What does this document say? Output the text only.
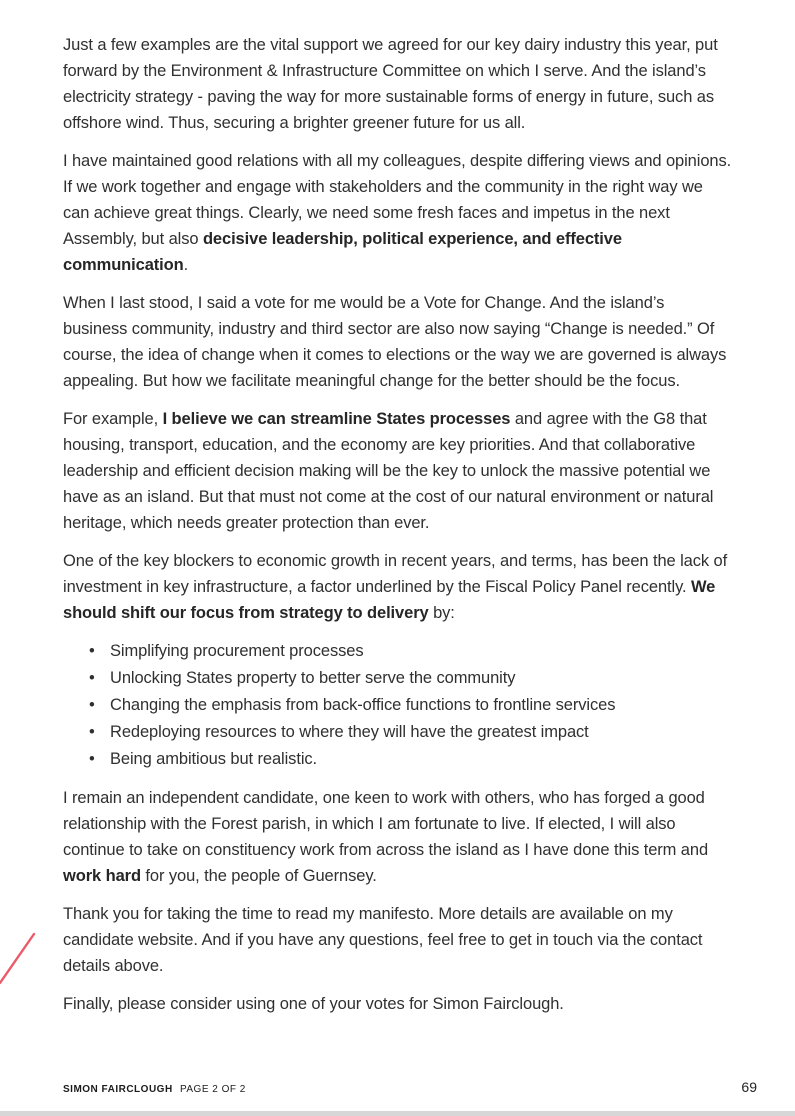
Just a few examples are the vital support we agreed for our key dairy industry this year, put forward by the Environment & Infrastructure Committee on which I serve. And the island’s electricity strategy - paving the way for more sustainable forms of energy in future, such as offshore wind. Thus, securing a brighter greener future for us all.

I have maintained good relations with all my colleagues, despite differing views and opinions. If we work together and engage with stakeholders and the community in the right way we can achieve great things. Clearly, we need some fresh faces and impetus in the next Assembly, but also decisive leadership, political experience, and effective communication.

When I last stood, I said a vote for me would be a Vote for Change. And the island’s business community, industry and third sector are also now saying “Change is needed.” Of course, the idea of change when it comes to elections or the way we are governed is always appealing. But how we facilitate meaningful change for the better should be the focus.

For example, I believe we can streamline States processes and agree with the G8 that housing, transport, education, and the economy are key priorities. And that collaborative leadership and efficient decision making will be the key to unlock the massive potential we have as an island. But that must not come at the cost of our natural environment or natural heritage, which needs greater protection than ever.

One of the key blockers to economic growth in recent years, and terms, has been the lack of investment in key infrastructure, a factor underlined by the Fiscal Policy Panel recently. We should shift our focus from strategy to delivery by:

• Simplifying procurement processes
• Unlocking States property to better serve the community
• Changing the emphasis from back-office functions to frontline services
• Redeploying resources to where they will have the greatest impact
• Being ambitious but realistic.

I remain an independent candidate, one keen to work with others, who has forged a good relationship with the Forest parish, in which I am fortunate to live. If elected, I will also continue to take on constituency work from across the island as I have done this term and work hard for you, the people of Guernsey.

Thank you for taking the time to read my manifesto. More details are available on my candidate website. And if you have any questions, feel free to get in touch via the contact details above.

Finally, please consider using one of your votes for Simon Fairclough.

SIMON FAIRCLOUGH PAGE 2 OF 2	69
